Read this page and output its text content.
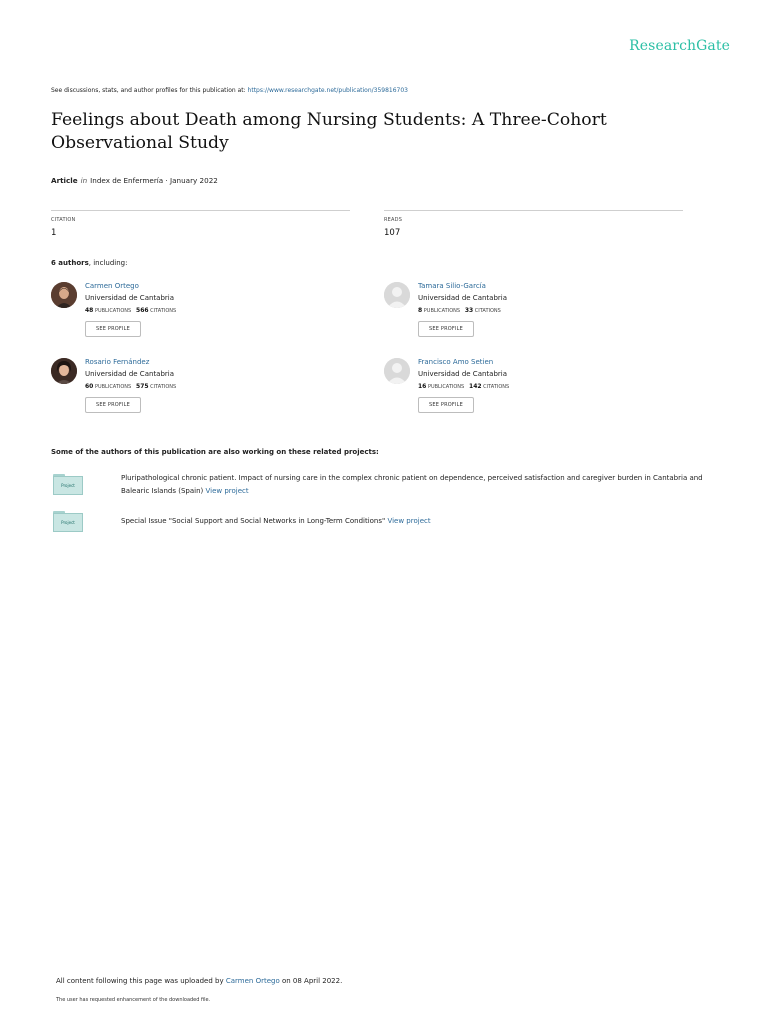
ResearchGate
See discussions, stats, and author profiles for this publication at: https://www.researchgate.net/publication/359816703
Feelings about Death among Nursing Students: A Three-Cohort Observational Study
Article in Index de Enfermería · January 2022
CITATION
1
READS
107
6 authors, including:
Carmen Ortego
Universidad de Cantabria
48 PUBLICATIONS 566 CITATIONS
SEE PROFILE
Tamara Silio-García
Universidad de Cantabria
8 PUBLICATIONS 33 CITATIONS
SEE PROFILE
Rosario Fernández
Universidad de Cantabria
60 PUBLICATIONS 575 CITATIONS
SEE PROFILE
Francisco Amo Setien
Universidad de Cantabria
16 PUBLICATIONS 142 CITATIONS
SEE PROFILE
Some of the authors of this publication are also working on these related projects:
Project
Pluripathological chronic patient. Impact of nursing care in the complex chronic patient on dependence, perceived satisfaction and caregiver burden in Cantabria and Balearic Islands (Spain) View project
Project	Special Issue "Social Support and Social Networks in Long-Term Conditions" View project
All content following this page was uploaded by Carmen Ortego on 08 April 2022.
The user has requested enhancement of the downloaded file.
